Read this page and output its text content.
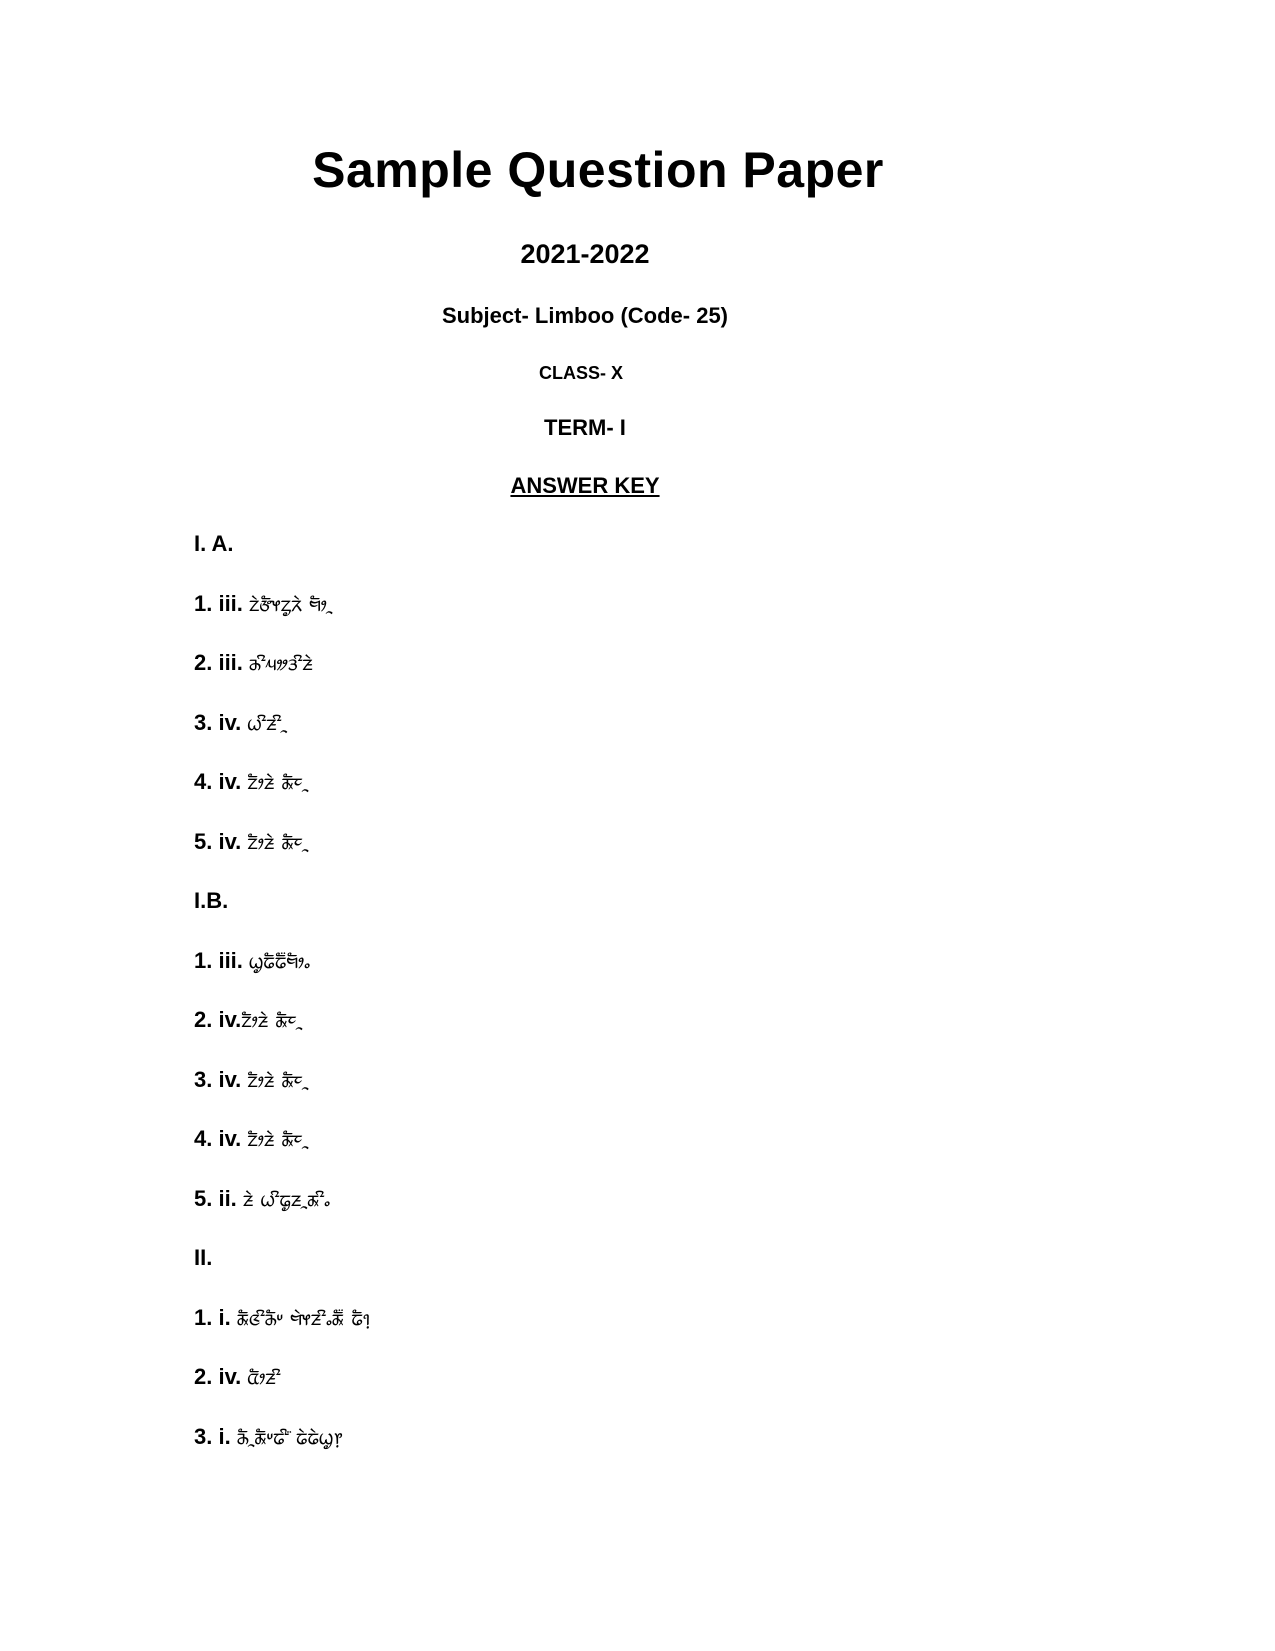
Sample Question Paper
2021-2022
Subject- Limboo (Code- 25)
CLASS- X
TERM- I
ANSWER KEY
I. A.
1. iii. ᤁᤧᤅᤠᤶᤁᤢᤖᤧ ᤗᤥᤳ
2. iii. ᤌᤡᤘᤤᤋᤡᤏᤧ
3. iv. ᤐᤡᤏᤡᤳ
4. iv. ᤁᤥᤏᤧ ᤊᤠᤰᤳ
5. iv. ᤁᤥᤏᤧ ᤊᤠᤰᤳ
I.B.
1. iii. ᤐᤢᤒᤠᤒᤠ᤺ᤗᤥᤱ
2. iv.ᤁᤥᤏᤧ ᤊᤠᤰᤳ
3. iv. ᤁᤥᤏᤧ ᤊᤠᤰᤳ
4. iv. ᤁᤥᤏᤧ ᤊᤠᤰᤳ
5. ii. ᤏᤧ ᤐᤡᤒᤢᤏᤳᤊᤡᤱ
II.
1. i. ᤊᤠᤜᤡᤌᤠᤸ ᤗᤧᤶᤏᤡᤱᤊᤠ᤺ ᤒᤠ᥄
2. iv. ᤂᤥᤏᤡ
3. i. ᤌᤠᤳᤊᤠᤸᤒᤡ᤺ ᤒᤧᤒᤧᤐᤢ᥅
